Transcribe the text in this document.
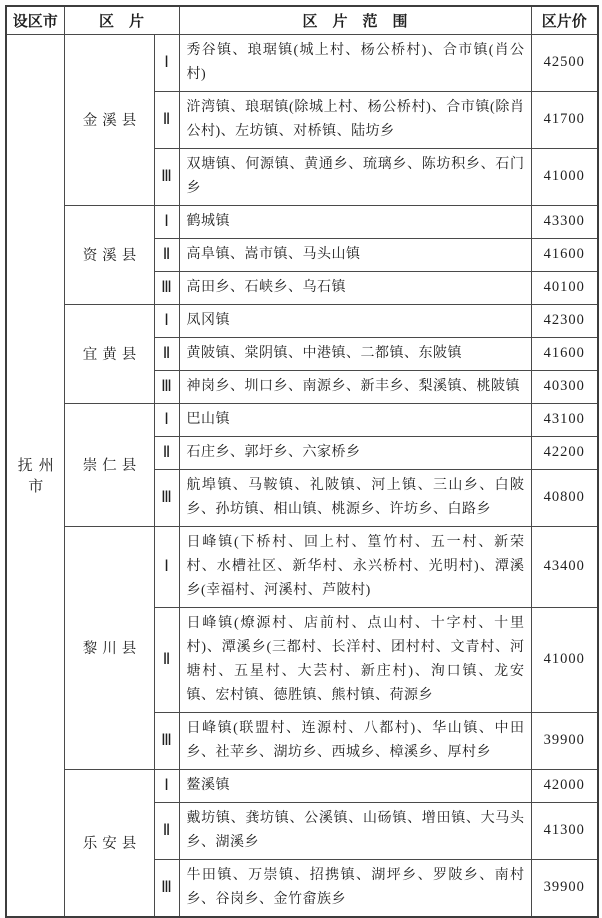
设区市	区　片		区　片　范　围	区片价
抚州市	金溪县	Ⅰ	秀谷镇、琅琚镇(城上村、杨公桥村)、合市镇(肖公村)	42500
		Ⅱ	浒湾镇、琅琚镇(除城上村、杨公桥村)、合市镇(除肖公村)、左坊镇、对桥镇、陆坊乡	41700
		Ⅲ	双塘镇、何源镇、黄通乡、琉璃乡、陈坊积乡、石门乡	41000
	资溪县	Ⅰ	鹤城镇	43300
		Ⅱ	高阜镇、嵩市镇、马头山镇	41600
		Ⅲ	高田乡、石峡乡、乌石镇	40100
	宜黄县	Ⅰ	凤冈镇	42300
		Ⅱ	黄陂镇、棠阴镇、中港镇、二都镇、东陂镇	41600
		Ⅲ	神岗乡、圳口乡、南源乡、新丰乡、梨溪镇、桃陂镇	40300
	崇仁县	Ⅰ	巴山镇	43100
		Ⅱ	石庄乡、郭圩乡、六家桥乡	42200
		Ⅲ	航埠镇、马鞍镇、礼陂镇、河上镇、三山乡、白陂乡、孙坊镇、相山镇、桃源乡、许坊乡、白路乡	40800
	黎川县	Ⅰ	日峰镇(下桥村、回上村、篁竹村、五一村、新荣村、水槽社区、新华村、永兴桥村、光明村)、潭溪乡(幸福村、河溪村、芦陂村)	43400
		Ⅱ	日峰镇(燎源村、店前村、点山村、十字村、十里村)、潭溪乡(三都村、长洋村、团村村、文青村、河塘村、五星村、大芸村、新庄村)、洵口镇、龙安镇、宏村镇、德胜镇、熊村镇、荷源乡	41000
		Ⅲ	日峰镇(联盟村、连源村、八都村)、华山镇、中田乡、社苹乡、湖坊乡、西城乡、樟溪乡、厚村乡	39900
	乐安县	Ⅰ	鳌溪镇	42000
		Ⅱ	戴坊镇、龚坊镇、公溪镇、山砀镇、增田镇、大马头乡、湖溪乡	41300
		Ⅲ	牛田镇、万崇镇、招携镇、湖坪乡、罗陂乡、南村乡、谷岗乡、金竹畲族乡	39900
